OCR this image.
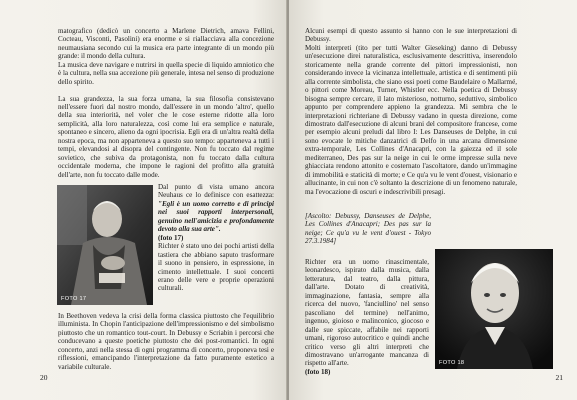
matografico (dedicò un concerto a Marlene Dietrich, amava Fellini, Cocteau, Visconti, Pasolini) era enorme e si riallacciava alla concezione neumausiana secondo cui la musica era parte integrante di un mondo più grande: il mondo della cultura.

La musica deve navigare e nutrirsi in quella specie di liquido amniotico che è la cultura, nella sua accezione più generale, intesa nel senso di produzione dello spirito.

La sua grandezza, la sua forza umana, la sua filosofia consistevano nell'essere fuori dal nostro mondo, dall'essere in un mondo 'altro', quello della sua interiorità, nel voler che le cose esterne ridotte alla loro semplicità, alla loro naturalezza, così come lui era semplice e naturale, spontaneo e sincero, alieno da ogni ipocrisia. Egli era di un'altra realtà della nostra epoca, ma non apparteneva a questo suo tempo: apparteneva a tutti i tempi, elevandosi al disopra del contingente. Non fu toccato dal regime sovietico, che subiva da protagonista, non fu toccato dalla cultura occidentale moderna, che impone le ragioni del profitto alla gratuità dell'arte, non fu toccato dalle mode.

FOTO 17

Dal punto di vista umano ancora Neuhaus ce lo definisce con esattezza: "Egli è un uomo corretto e di principi nei suoi rapporti interpersonali, genuino nell'amicizia e profondamente devoto alla sua arte".

(foto 17)

Richter è stato uno dei pochi artisti della tastiera che abbiano saputo trasformare il suono in pensiero, in espressione, in cimento intellettuale. I suoi concerti erano delle vere e proprie operazioni culturali.

In Beethoven vedeva la crisi della forma classica piuttosto che l'equilibrio illuminista. In Chopin l'anticipazione dell'impressionismo e del simbolismo piuttosto che un romantico tout-court. In Debussy e Scriabin i percorsi che conducevano a queste poetiche piuttosto che dei post-romantici. In ogni concerto, anzi nella stessa di ogni programma di concerto, proponeva tesi e riflessioni, emancipando l'interpretazione da fatto puramente estetico a variabile culturale.

20

Alcuni esempi di questo assunto si hanno con le sue interpretazioni di Debussy.

Molti interpreti (tito per tutti Walter Gieseking) danno di Debussy un'esecuzione direi naturalistica, esclusivamente descrittiva, inserendolo storicamente nella grande corrente del pittori impressionisti, non considerando invece la vicinanza intellettuale, artistica e di sentimenti più alla corrente simbolista, che siano essi poeti come Baudelaire o Mallarmé, o pittori come Moreau, Turner, Whistler ecc. Nella poetica di Debussy bisogna sempre cercare, il lato misterioso, notturno, seduttivo, simbolico appunto per comprendere appieno la grandezza. Mi sembra che le interpretazioni richteriane di Debussy vadano in questa direzione, come dimostrato dall'esecuzione di alcuni brani del compositore francese, come per esempio alcuni preludi dal libro I: Les Danseuses de Delphe, in cui sono evocate le mitiche danzatrici di Delfo in una arcana dimensione extra-temporale, Les Collines d'Anacapri, con la gaiezza ed il sole mediterraneo, Des pas sur la neige in cui le orme impresse sulla neve ghiacciata rendono attonito e costernato l'ascoltatore, dando un'immagine di immobilità e staticità di morte; e Ce qu'a vu le vent d'ouest, visionario e allucinante, in cui non c'è soltanto la descrizione di un fenomeno naturale, ma l'evocazione di oscuri e indescrivibili presagi.

[Ascolto: Debussy, Danseuses de Delphe, Les Collines d'Anacapri; Des pas sur la neige; Ce qu'a vu le vent d'ouest - Tokyo 27.3.1984]

Richter era un uomo rinascimentale, leonardesco, ispirato dalla musica, dalla letteratura, dal teatro, dalla pittura, dall'arte. Dotato di creatività, immaginazione, fantasia, sempre alla ricerca del nuovo, 'fanciullino' nel senso pascoliano del termine) nell'animo, ingenuo, gioioso e malinconico, giocoso e dalle sue spiccate, affabile nei rapporti umani, rigoroso autocritico e quindi anche critico verso gli altri interpreti che dimostravano un'arrogante mancanza di rispetto all'arte.

(foto 18)

FOTO 18
21
